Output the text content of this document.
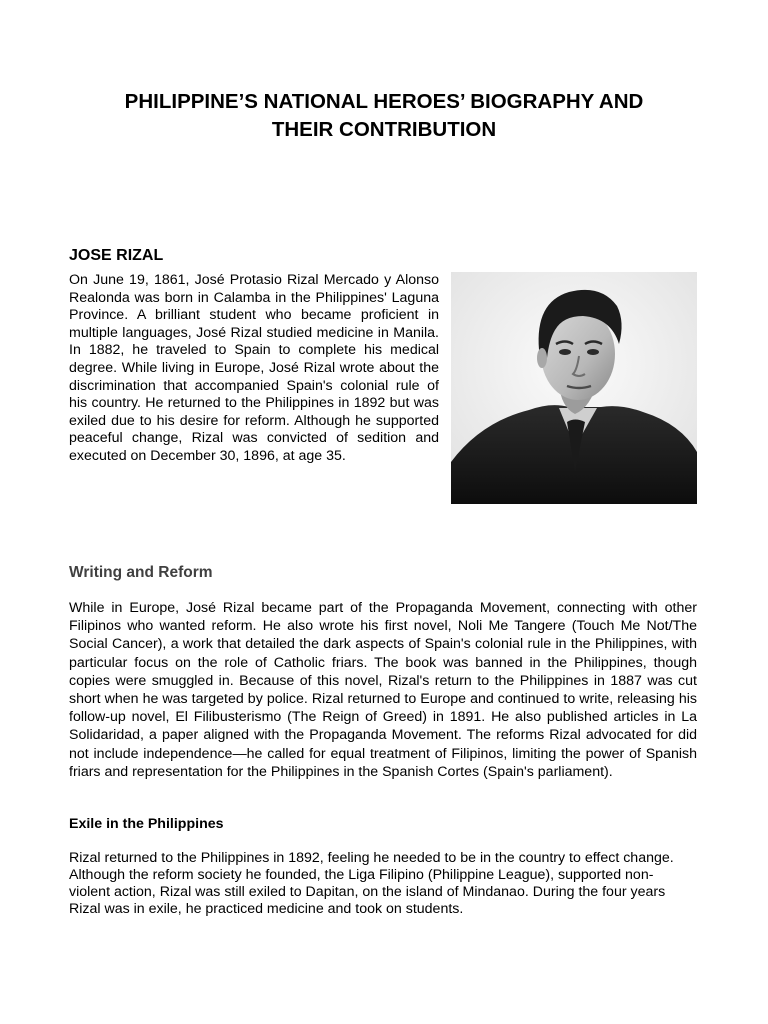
PHILIPPINE’S NATIONAL HEROES’ BIOGRAPHY AND
THEIR CONTRIBUTION
JOSE RIZAL

On June 19, 1861, José Protasio Rizal Mercado y Alonso Realonda was born in Calamba in the Philippines' Laguna Province. A brilliant student who became proficient in multiple languages, José Rizal studied medicine in Manila. In 1882, he traveled to Spain to complete his medical degree. While living in Europe, José Rizal wrote about the discrimination that accompanied Spain's colonial rule of his country. He returned to the Philippines in 1892 but was exiled due to his desire for reform. Although he supported peaceful change, Rizal was convicted of sedition and executed on December 30, 1896, at age 35.

Writing and Reform

While in Europe, José Rizal became part of the Propaganda Movement, connecting with other Filipinos who wanted reform. He also wrote his first novel, Noli Me Tangere (Touch Me Not/The Social Cancer), a work that detailed the dark aspects of Spain's colonial rule in the Philippines, with particular focus on the role of Catholic friars. The book was banned in the Philippines, though copies were smuggled in. Because of this novel, Rizal's return to the Philippines in 1887 was cut short when he was targeted by police. Rizal returned to Europe and continued to write, releasing his follow-up novel, El Filibusterismo (The Reign of Greed) in 1891. He also published articles in La Solidaridad, a paper aligned with the Propaganda Movement. The reforms Rizal advocated for did not include independence—he called for equal treatment of Filipinos, limiting the power of Spanish friars and representation for the Philippines in the Spanish Cortes (Spain's parliament).

Exile in the Philippines

Rizal returned to the Philippines in 1892, feeling he needed to be in the country to effect change. Although the reform society he founded, the Liga Filipino (Philippine League), supported non-violent action, Rizal was still exiled to Dapitan, on the island of Mindanao. During the four years Rizal was in exile, he practiced medicine and took on students.
